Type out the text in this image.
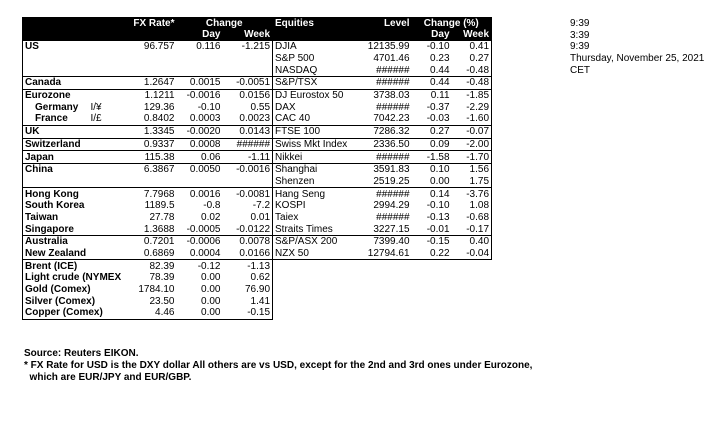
		FX Rate*	Change		Equities	Level	Change (%)	
			Day	Week			Day	Week
US		96.757	0.116	-1.215	DJIA	12135.99	-0.10	0.41
					S&P 500	4701.46	0.23	0.27
					NASDAQ	######	0.44	-0.48
Canada		1.2647	0.0015	-0.0051	S&P/TSX	######	0.44	-0.48
Eurozone		1.1211	-0.0016	0.0156	DJ Eurostox 50	3738.03	0.11	-1.85
Germany	I/¥	129.36	-0.10	0.55	DAX	######	-0.37	-2.29
France	I/£	0.8402	0.0003	0.0023	CAC 40	7042.23	-0.03	-1.60
UK		1.3345	-0.0020	0.0143	FTSE 100	7286.32	0.27	-0.07
Switzerland		0.9337	0.0008	######	Swiss Mkt Index	2336.50	0.09	-2.00
Japan		115.38	0.06	-1.11	Nikkei	######	-1.58	-1.70
China		6.3867	0.0050	-0.0016	Shanghai	3591.83	0.10	1.56
					Shenzen	2519.25	0.00	1.75
Hong Kong		7.7968	0.0016	-0.0081	Hang Seng	######	0.14	-3.76
South Korea		1189.5	-0.8	-7.2	KOSPI	2994.29	-0.10	1.08
Taiwan		27.78	0.02	0.01	Taiex	######	-0.13	-0.68
Singapore		1.3688	-0.0005	-0.0122	Straits Times	3227.15	-0.01	-0.17
Australia		0.7201	-0.0006	0.0078	S&P/ASX 200	7399.40	-0.15	0.40
New Zealand		0.6869	0.0004	0.0166	NZX 50	12794.61	0.22	-0.04
Brent (ICE)		82.39	-0.12	-1.13				
Light crude (NYMEX		78.39	0.00	0.62				
Gold (Comex)		1784.10	0.00	76.90				
Silver (Comex)		23.50	0.00	1.41				
Copper (Comex)		4.46	0.00	-0.15				
Source: Reuters EIKON.
* FX Rate for USD is the DXY dollar All others are vs USD, except for the 2nd and 3rd ones under Eurozone,
which are EUR/JPY and EUR/GBP.
9:39
3:39
9:39
Thursday, November 25, 2021
CET
